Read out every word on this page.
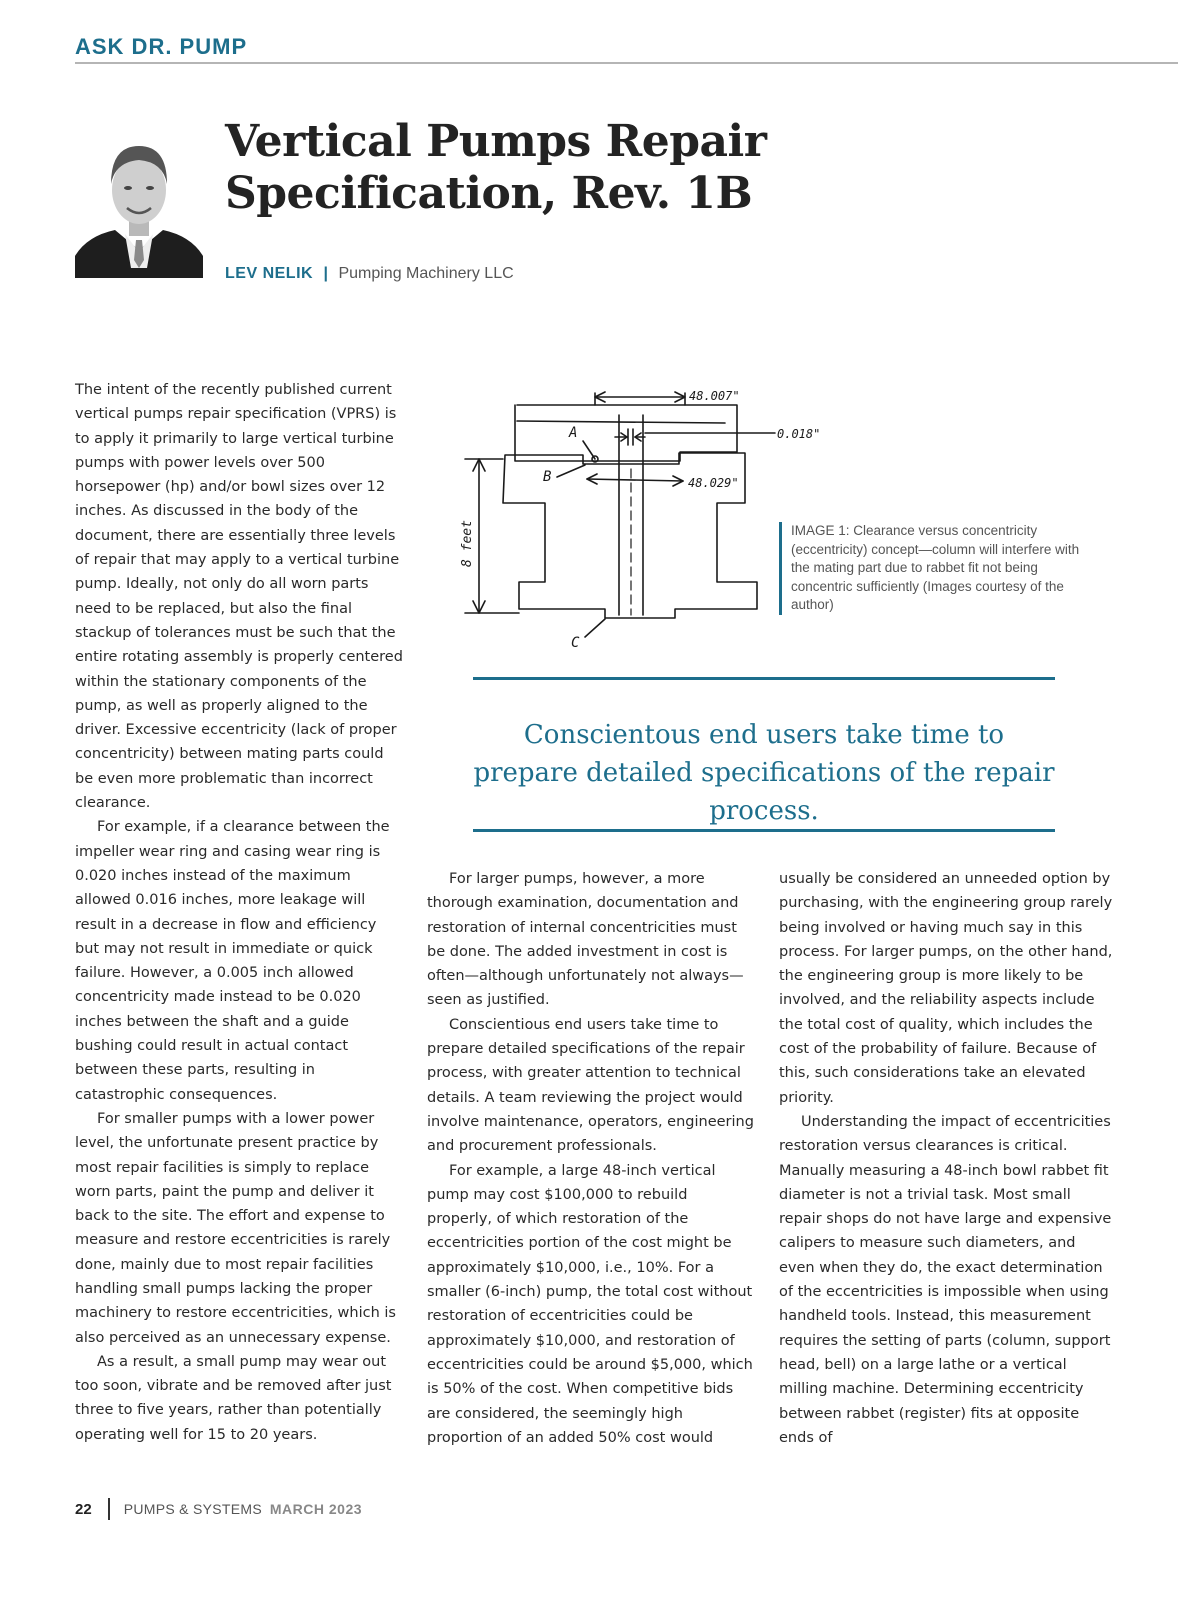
ASK DR. PUMP
Vertical Pumps Repair Specification, Rev. 1B
LEV NELIK | Pumping Machinery LLC

The intent of the recently published current vertical pumps repair specification (VPRS) is to apply it primarily to large vertical turbine pumps with power levels over 500 horsepower (hp) and/or bowl sizes over 12 inches. As discussed in the body of the document, there are essentially three levels of repair that may apply to a vertical turbine pump. Ideally, not only do all worn parts need to be replaced, but also the final stackup of tolerances must be such that the entire rotating assembly is properly centered within the stationary components of the pump, as well as properly aligned to the driver. Excessive eccentricity (lack of proper concentricity) between mating parts could be even more problematic than incorrect clearance.

For example, if a clearance between the impeller wear ring and casing wear ring is 0.020 inches instead of the maximum allowed 0.016 inches, more leakage will result in a decrease in flow and efficiency but may not result in immediate or quick failure. However, a 0.005 inch allowed concentricity made instead to be 0.020 inches between the shaft and a guide bushing could result in actual contact between these parts, resulting in catastrophic consequences.

For smaller pumps with a lower power level, the unfortunate present practice by most repair facilities is simply to replace worn parts, paint the pump and deliver it back to the site. The effort and expense to measure and restore eccentricities is rarely done, mainly due to most repair facilities handling small pumps lacking the proper machinery to restore eccentricities, which is also perceived as an unnecessary expense.

As a result, a small pump may wear out too soon, vibrate and be removed after just three to five years, rather than potentially operating well for 15 to 20 years.

48.007"
0.018"
48.029"
A
B
C
8 feet	IMAGE 1: Clearance versus concentricity (eccentricity) concept—column will interfere with the mating part due to rabbet fit not being concentric sufficiently (Images courtesy of the author)

Conscientous end users take time to prepare detailed specifications of the repair process.

For larger pumps, however, a more thorough examination, documentation and restoration of internal concentricities must be done. The added investment in cost is often—although unfortunately not always—seen as justified.

Conscientious end users take time to prepare detailed specifications of the repair process, with greater attention to technical details. A team reviewing the project would involve maintenance, operators, engineering and procurement professionals.

For example, a large 48-inch vertical pump may cost $100,000 to rebuild properly, of which restoration of the eccentricities portion of the cost might be approximately $10,000, i.e., 10%. For a smaller (6-inch) pump, the total cost without restoration of eccentricities could be approximately $10,000, and restoration of eccentricities could be around $5,000, which is 50% of the cost. When competitive bids are considered, the seemingly high proportion of an added 50% cost would

usually be considered an unneeded option by purchasing, with the engineering group rarely being involved or having much say in this process. For larger pumps, on the other hand, the engineering group is more likely to be involved, and the reliability aspects include the total cost of quality, which includes the cost of the probability of failure. Because of this, such considerations take an elevated priority.

Understanding the impact of eccentricities restoration versus clearances is critical. Manually measuring a 48-inch bowl rabbet fit diameter is not a trivial task. Most small repair shops do not have large and expensive calipers to measure such diameters, and even when they do, the exact determination of the eccentricities is impossible when using handheld tools. Instead, this measurement requires the setting of parts (column, support head, bell) on a large lathe or a vertical milling machine. Determining eccentricity between rabbet (register) fits at opposite ends of

22 PUMPS & SYSTEMS MARCH 2023
